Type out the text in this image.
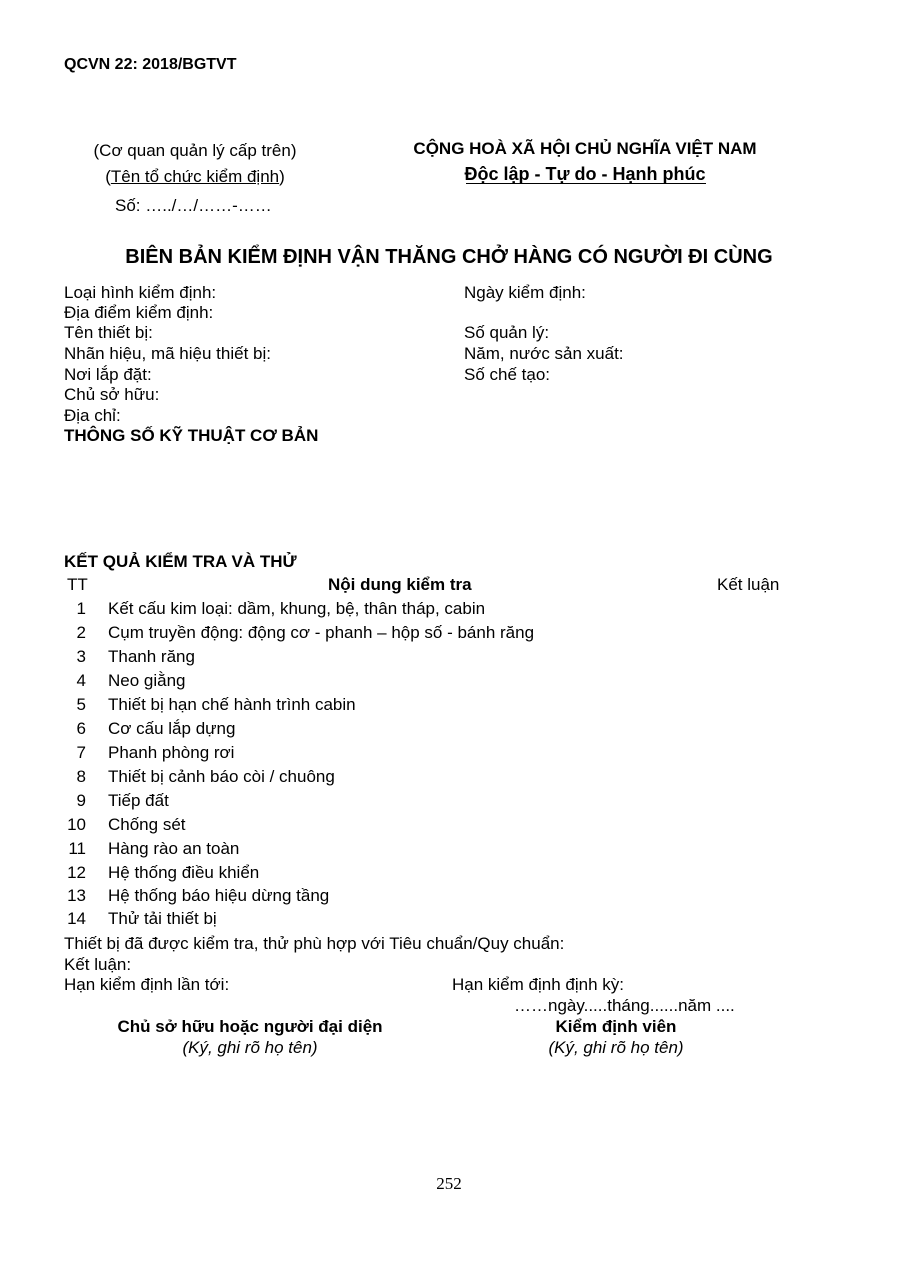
QCVN 22: 2018/BGTVT
(Cơ quan quản lý cấp trên)
(Tên tổ chức kiểm định)
Số: …../…/……-……
CỘNG HOÀ XÃ HỘI CHỦ NGHĨA VIỆT NAM
Độc lập - Tự do - Hạnh phúc
BIÊN BẢN KIỂM ĐỊNH VẬN THĂNG CHỞ HÀNG CÓ NGƯỜI ĐI CÙNG
Loại hình kiểm định:
Địa điểm kiểm định:
Tên thiết bị:
Nhãn hiệu, mã hiệu thiết bị:
Nơi lắp đặt:
Chủ sở hữu:
Địa chỉ:
Ngày kiểm định:
Số quản lý:
Năm, nước sản xuất:
Số chế tạo:
THÔNG SỐ KỸ THUẬT CƠ BẢN
KẾT QUẢ KIỂM TRA VÀ THỬ
TT	Nội dung kiểm tra	Kết luận
1 Kết cấu kim loại: dầm, khung, bệ, thân tháp, cabin
2 Cụm truyền động: động cơ - phanh – hộp số - bánh răng
3 Thanh răng
4 Neo giằng
5 Thiết bị hạn chế hành trình cabin
6 Cơ cấu lắp dựng
7 Phanh phòng rơi
8 Thiết bị cảnh báo còi / chuông
9 Tiếp đất
10 Chống sét
11 Hàng rào an toàn
12 Hệ thống điều khiển
13 Hệ thống báo hiệu dừng tầng
14 Thử tải thiết bị
Thiết bị đã được kiểm tra, thử phù hợp với Tiêu chuẩn/Quy chuẩn:
Kết luận:
Hạn kiểm định lần tới:	Hạn kiểm định định kỳ:
……ngày.....tháng......năm ....
Chủ sở hữu hoặc người đại diện
(Ký, ghi rõ họ tên)
Kiểm định viên
(Ký, ghi rõ họ tên)
252
